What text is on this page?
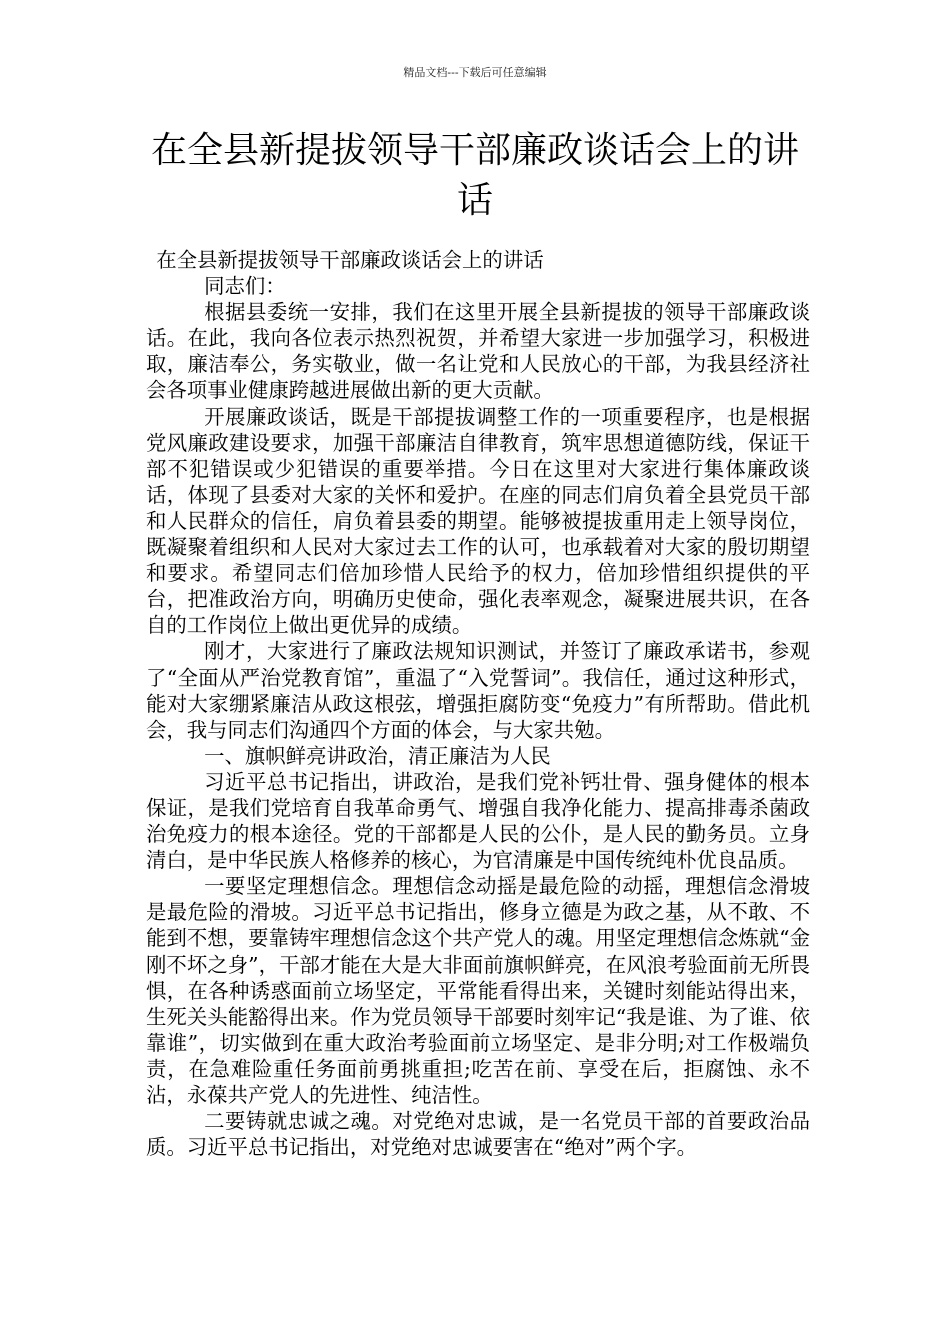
精品文档---下载后可任意编辑
在全县新提拔领导干部廉政谈话会上的讲话

在全县新提拔领导干部廉政谈话会上的讲话

同志们：

根据县委统一安排，我们在这里开展全县新提拔的领导干部廉政谈话。在此，我向各位表示热烈祝贺，并希望大家进一步加强学习，积极进取，廉洁奉公，务实敬业，做一名让党和人民放心的干部，为我县经济社会各项事业健康跨越进展做出新的更大贡献。

开展廉政谈话，既是干部提拔调整工作的一项重要程序，也是根据党风廉政建设要求，加强干部廉洁自律教育，筑牢思想道德防线，保证干部不犯错误或少犯错误的重要举措。今日在这里对大家进行集体廉政谈话，体现了县委对大家的关怀和爱护。在座的同志们肩负着全县党员干部和人民群众的信任，肩负着县委的期望。能够被提拔重用走上领导岗位，既凝聚着组织和人民对大家过去工作的认可，也承载着对大家的殷切期望和要求。希望同志们倍加珍惜人民给予的权力，倍加珍惜组织提供的平台，把准政治方向，明确历史使命，强化表率观念，凝聚进展共识，在各自的工作岗位上做出更优异的成绩。

刚才，大家进行了廉政法规知识测试，并签订了廉政承诺书，参观了“全面从严治党教育馆”，重温了“入党誓词”。我信任，通过这种形式，能对大家绷紧廉洁从政这根弦，增强拒腐防变“免疫力”有所帮助。借此机会，我与同志们沟通四个方面的体会，与大家共勉。

一、旗帜鲜亮讲政治，清正廉洁为人民

习近平总书记指出，讲政治，是我们党补钙壮骨、强身健体的根本保证，是我们党培育自我革命勇气、增强自我净化能力、提高排毒杀菌政治免疫力的根本途径。党的干部都是人民的公仆，是人民的勤务员。立身清白，是中华民族人格修养的核心，为官清廉是中国传统纯朴优良品质。

一要坚定理想信念。理想信念动摇是最危险的动摇，理想信念滑坡是最危险的滑坡。习近平总书记指出，修身立德是为政之基，从不敢、不能到不想，要靠铸牢理想信念这个共产党人的魂。用坚定理想信念炼就“金刚不坏之身”，干部才能在大是大非面前旗帜鲜亮，在风浪考验面前无所畏惧，在各种诱惑面前立场坚定，平常能看得出来，关键时刻能站得出来，生死关头能豁得出来。作为党员领导干部要时刻牢记“我是谁、为了谁、依靠谁”，切实做到在重大政治考验面前立场坚定、是非分明;对工作极端负责，在急难险重任务面前勇挑重担;吃苦在前、享受在后，拒腐蚀、永不沾，永葆共产党人的先进性、纯洁性。

二要铸就忠诚之魂。对党绝对忠诚，是一名党员干部的首要政治品质。习近平总书记指出，对党绝对忠诚要害在“绝对”两个字。
